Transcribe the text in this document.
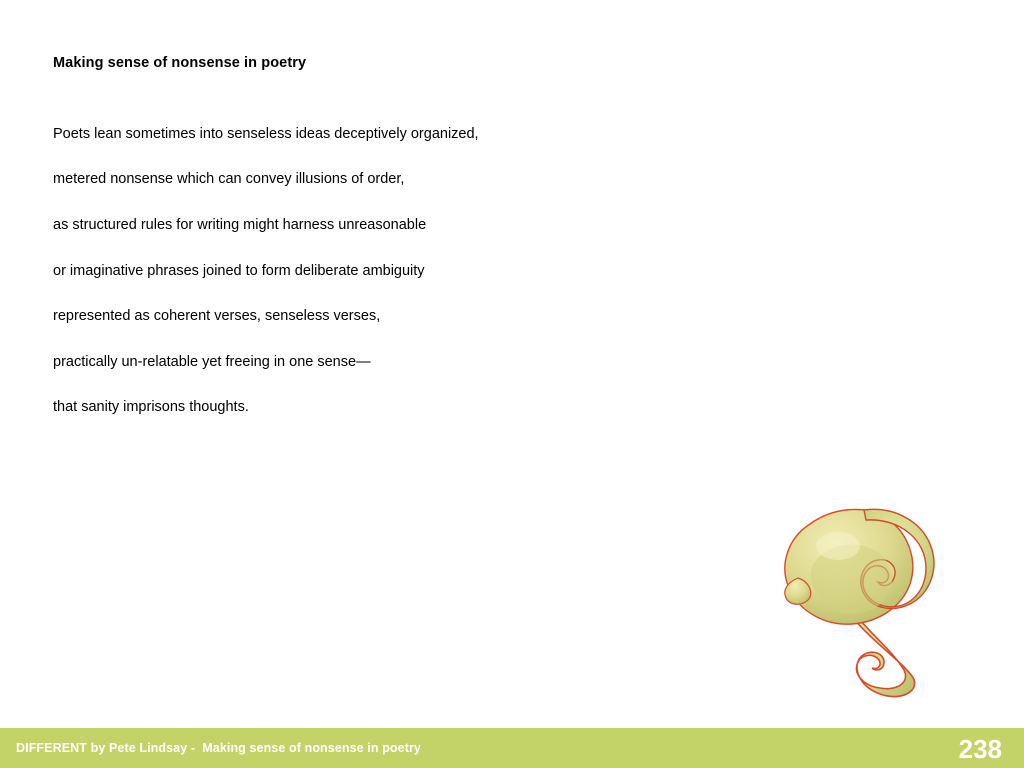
Making sense of nonsense in poetry

Poets lean sometimes into senseless ideas deceptively organized,

metered nonsense which can convey illusions of order,

as structured rules for writing might harness unreasonable

or imaginative phrases joined to form deliberate ambiguity

represented as coherent verses, senseless verses,

practically un-relatable yet freeing in one sense—

that sanity imprisons thoughts.

DIFFERENT by Pete Lindsay -  Making sense of nonsense in poetry	238
